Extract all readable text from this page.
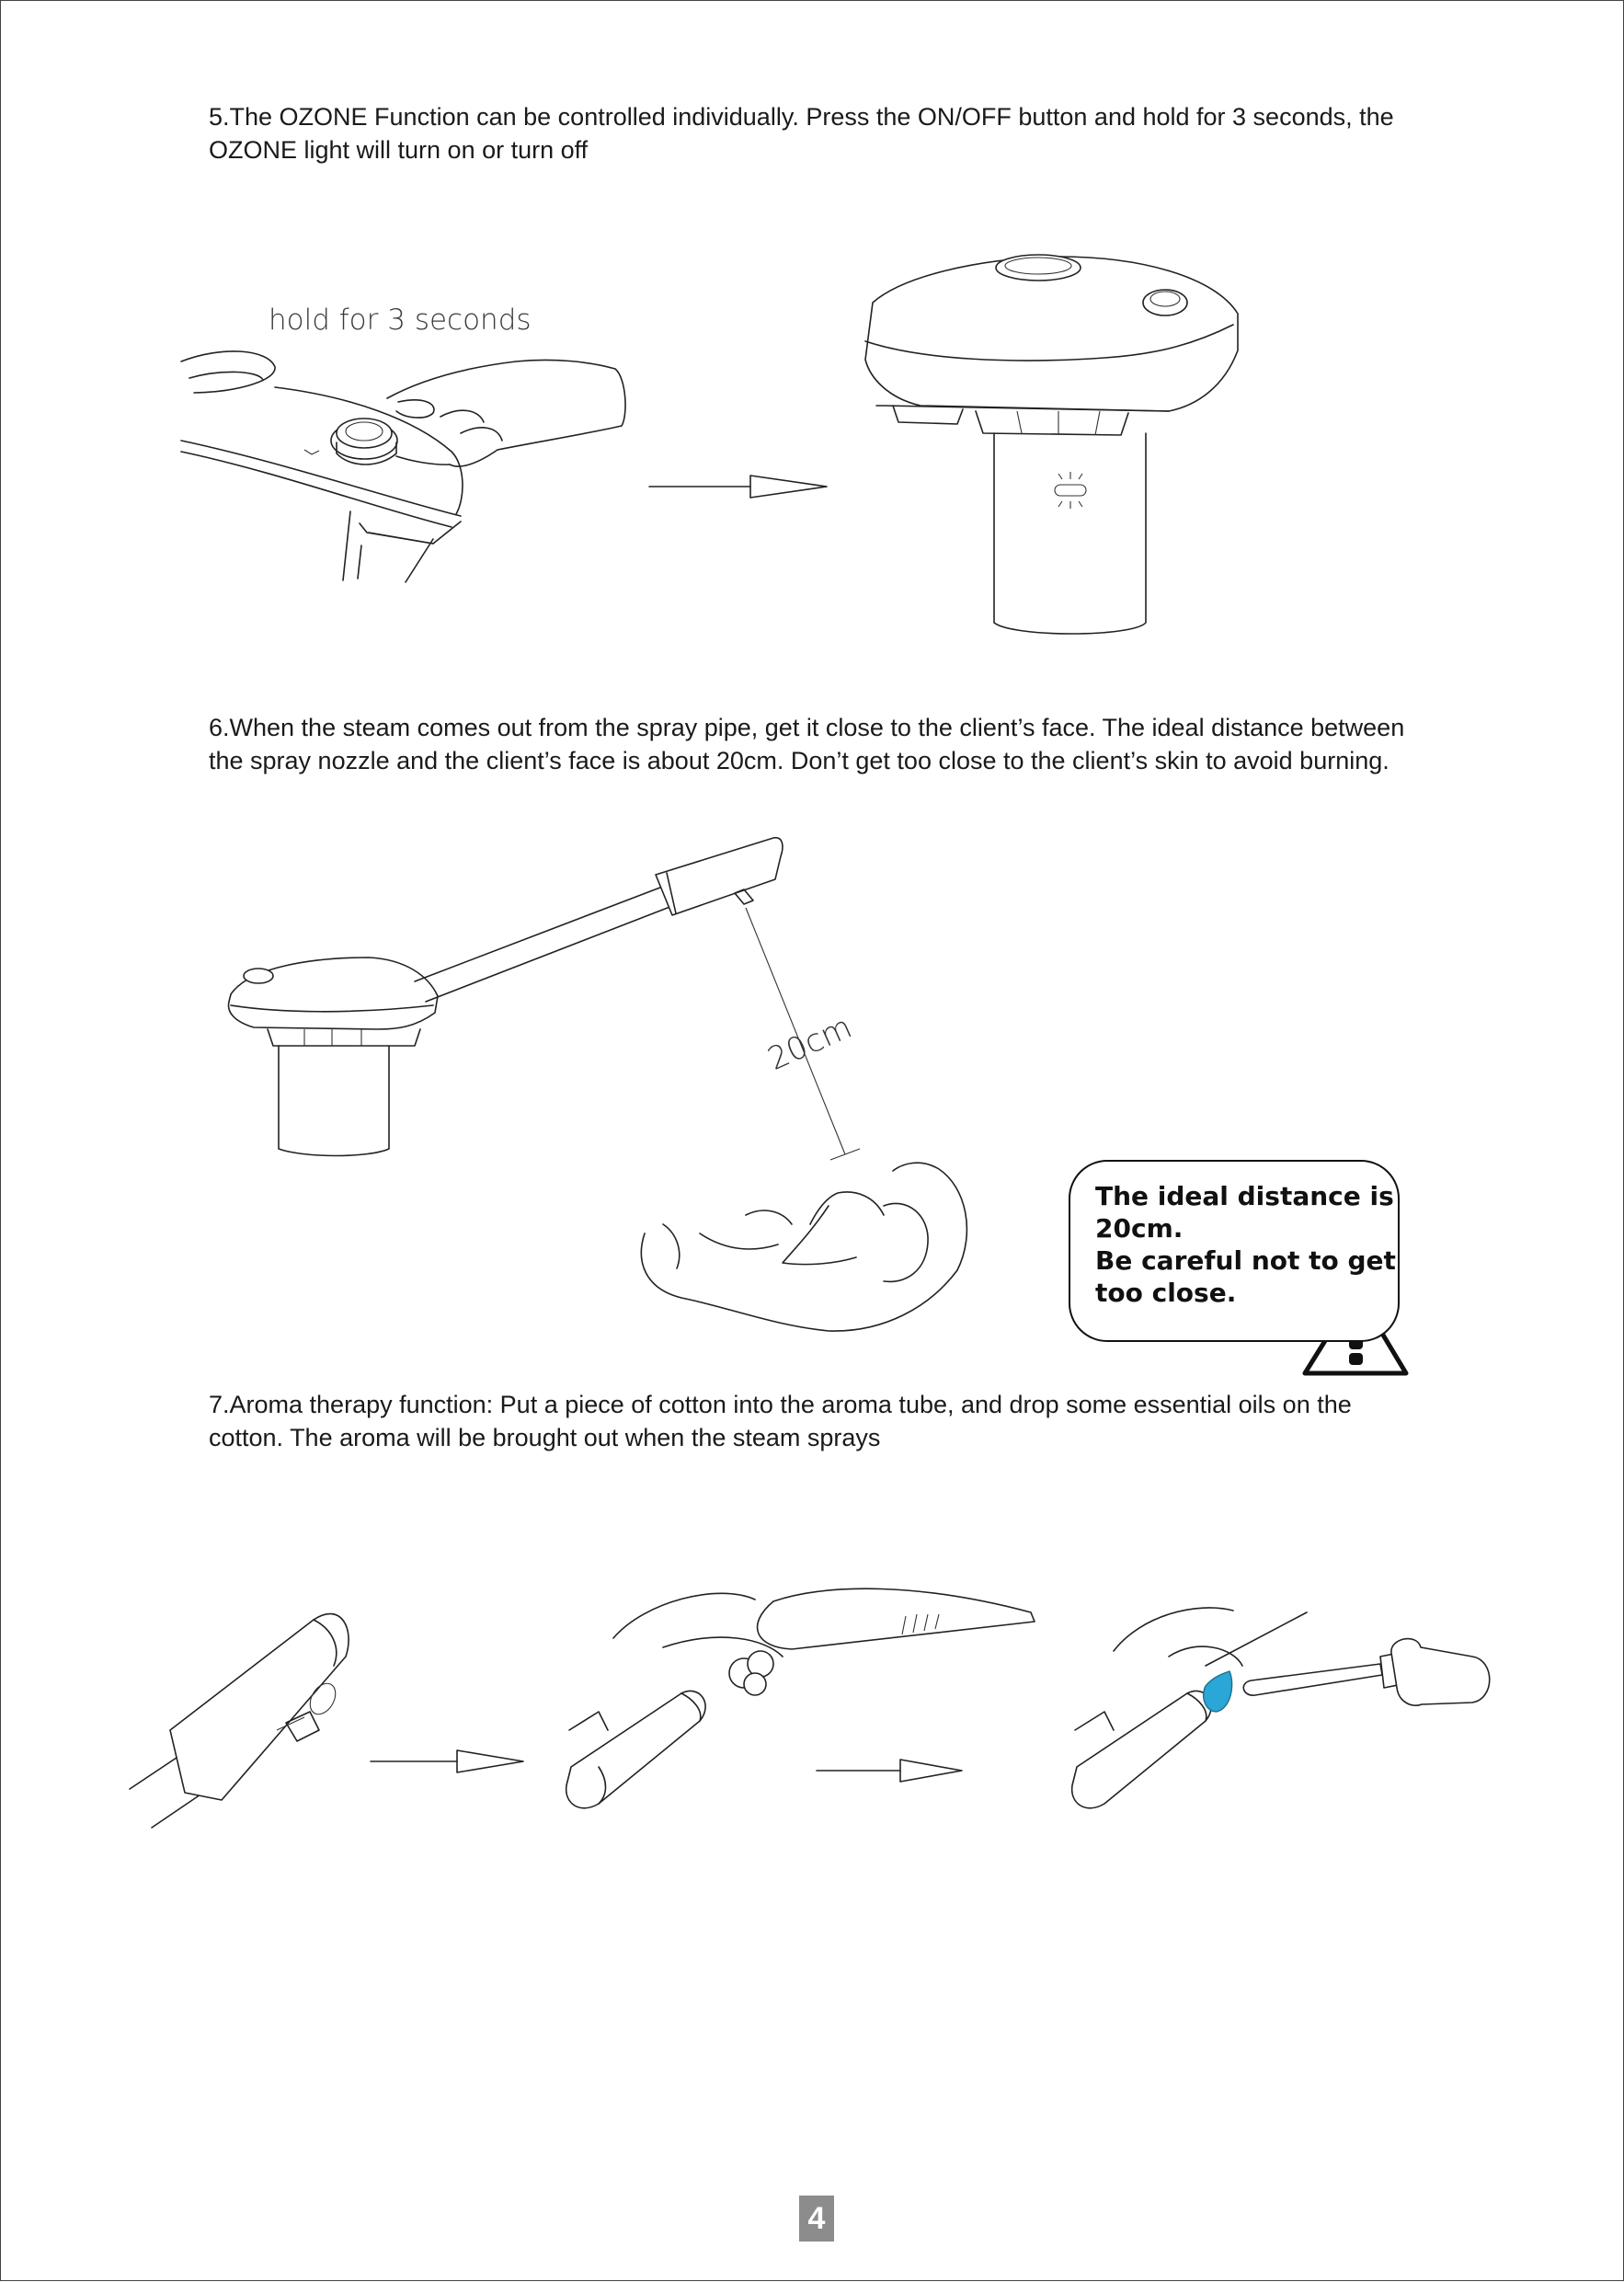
5.The OZONE Function can be controlled individually. Press the ON/OFF button and hold for 3 seconds, the OZONE light will turn on or turn off

6.When the steam comes out from the spray pipe, get it close to the client’s face. The ideal distance between the spray nozzle and the client’s face is about 20cm. Don’t get too close to the client’s skin to avoid burning.

7.Aroma therapy function: Put a piece of cotton into the aroma tube, and drop some essential oils on the cotton. The aroma will be brought out when the steam sprays

20cm
hold for 3 seconds
The ideal distance is
20cm.
Be careful not to get
too close.
4
